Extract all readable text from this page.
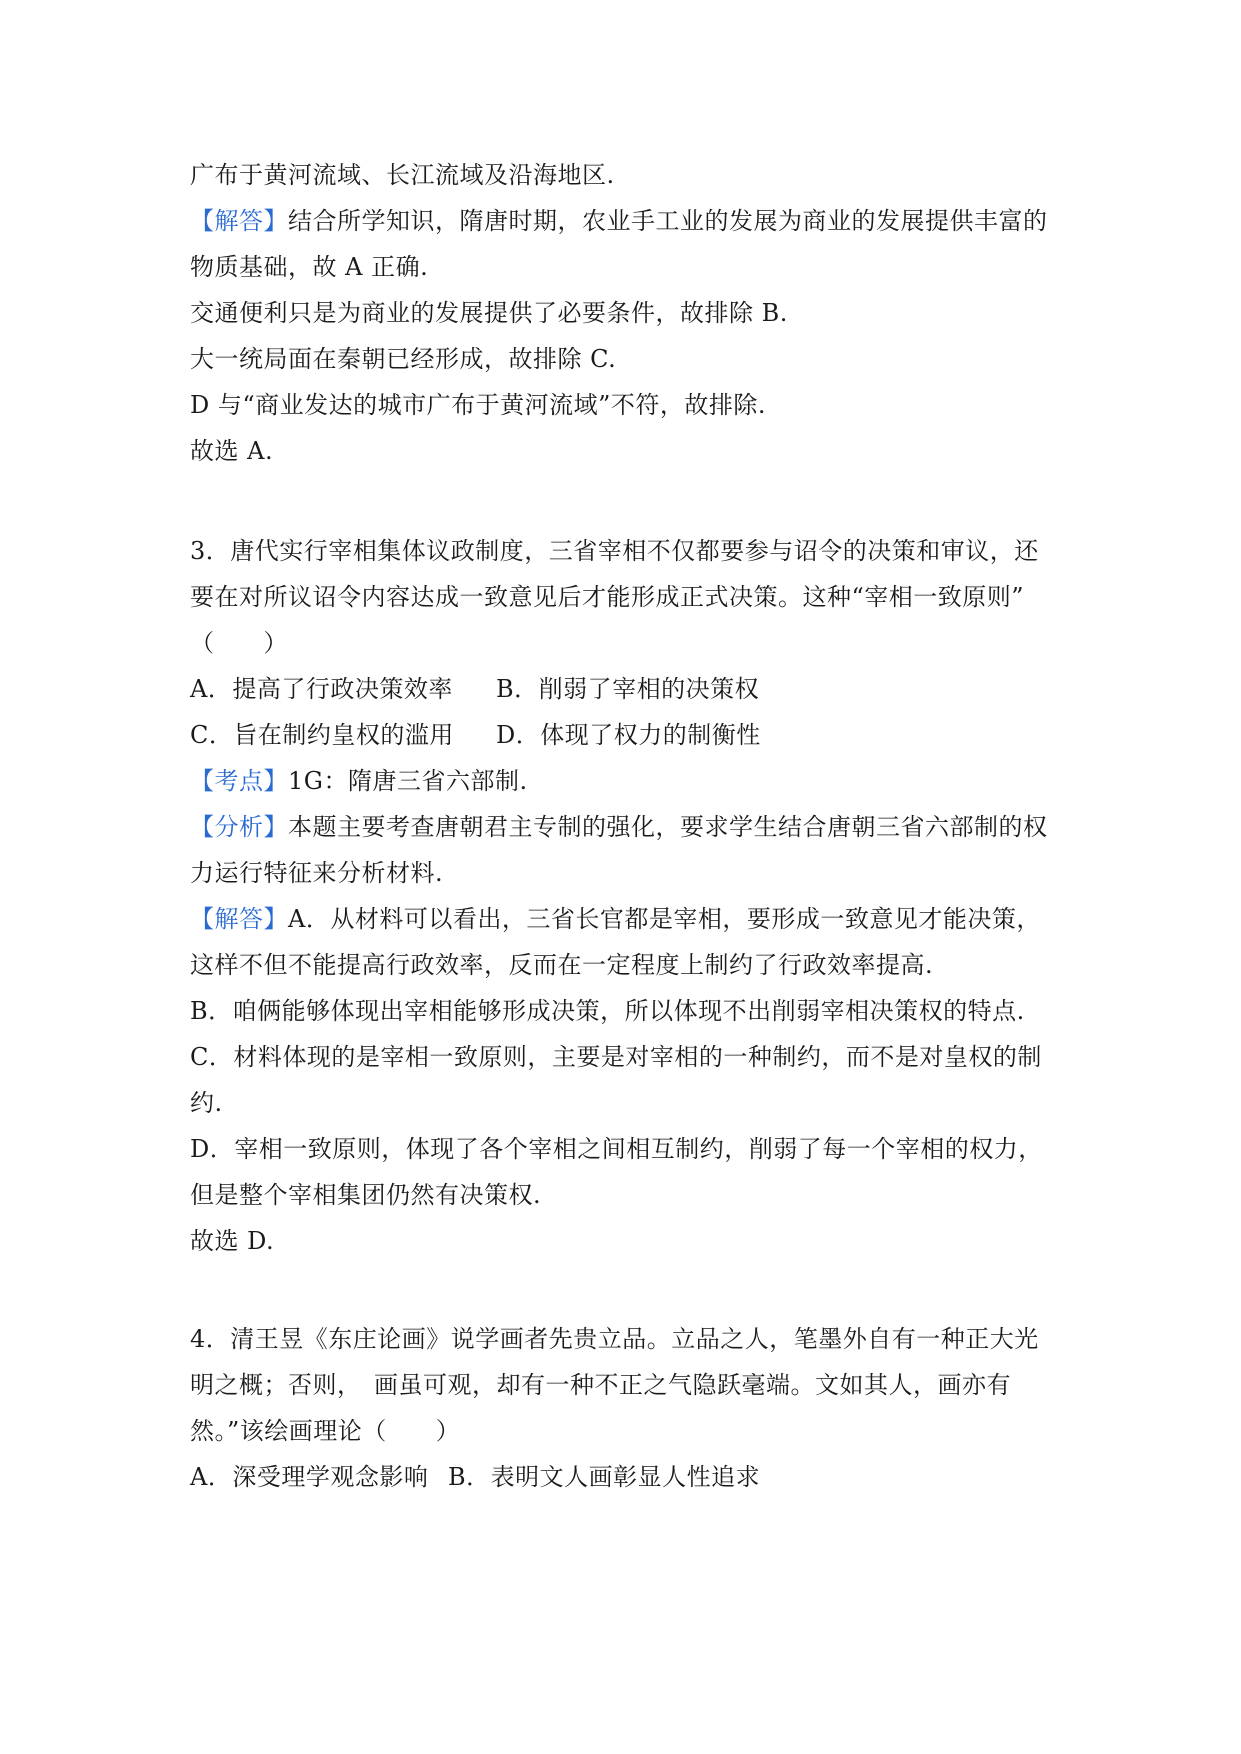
广布于黄河流域、长江流域及沿海地区.
【解答】结合所学知识，隋唐时期，农业手工业的发展为商业的发展提供丰富的
物质基础，故 A 正确.
交通便利只是为商业的发展提供了必要条件，故排除 B.
大一统局面在秦朝已经形成，故排除 C.
D 与“商业发达的城市广布于黄河流域”不符，故排除.
故选 A.
3．唐代实行宰相集体议政制度，三省宰相不仅都要参与诏令的决策和审议，还
要在对所议诏令内容达成一致意见后才能形成正式决策。这种“宰相一致原则”
（　　）
A．提高了行政决策效率 B．削弱了宰相的决策权
C．旨在制约皇权的滥用 D．体现了权力的制衡性
【考点】1G：隋唐三省六部制.
【分析】本题主要考查唐朝君主专制的强化，要求学生结合唐朝三省六部制的权
力运行特征来分析材料.
【解答】A．从材料可以看出，三省长官都是宰相，要形成一致意见才能决策，
这样不但不能提高行政效率，反而在一定程度上制约了行政效率提高.
B．咱俩能够体现出宰相能够形成决策，所以体现不出削弱宰相决策权的特点.
C．材料体现的是宰相一致原则，主要是对宰相的一种制约，而不是对皇权的制
约.
D．宰相一致原则，体现了各个宰相之间相互制约，削弱了每一个宰相的权力，
但是整个宰相集团仍然有决策权.
故选 D.
4．清王昱《东庄论画》说学画者先贵立品。立品之人，笔墨外自有一种正大光
明之概；否则，　画虽可观，却有一种不正之气隐跃毫端。文如其人，画亦有
然。”该绘画理论（　　）
A．深受理学观念影响 B．表明文人画彰显人性追求
